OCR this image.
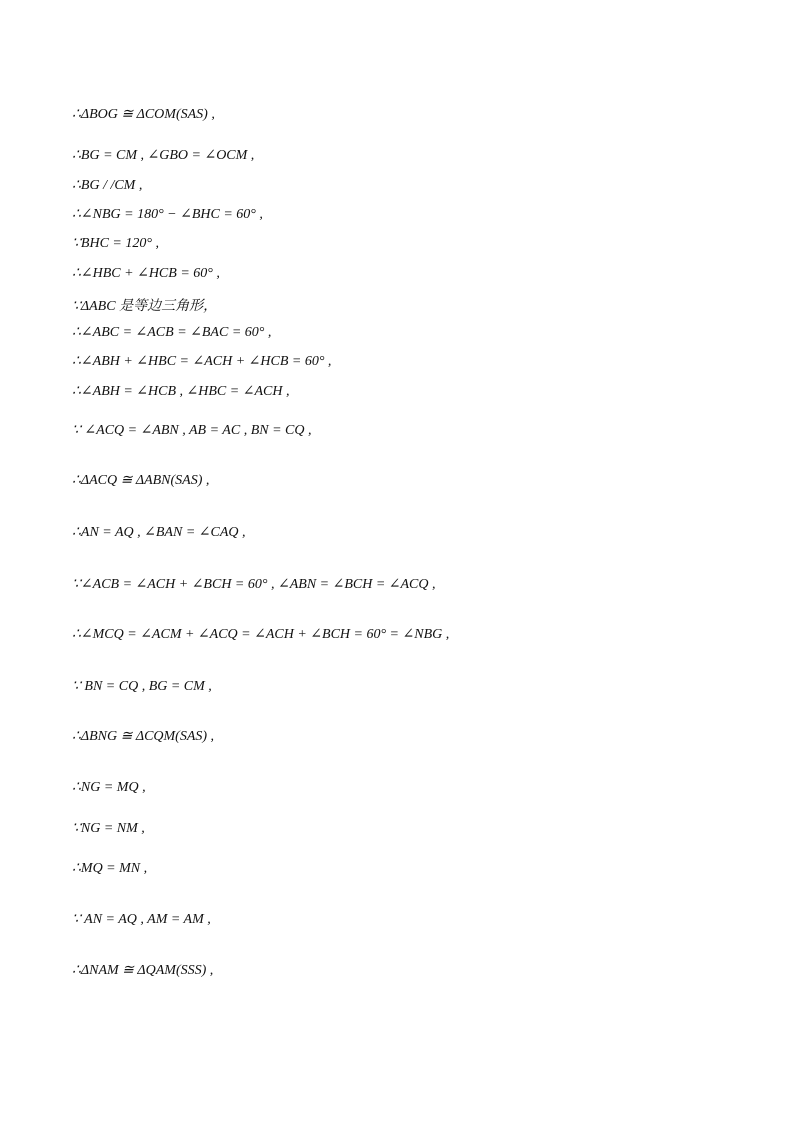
∴ΔBOG ≅ ΔCOM(SAS) ,
∴BG = CM , ∠GBO = ∠OCM ,
∴BG / /CM ,
∴∠NBG = 180° − ∠BHC = 60° ,
∵BHC = 120° ,
∴∠HBC + ∠HCB = 60° ,
∵ΔABC 是等边三角形，
∴∠ABC = ∠ACB = ∠BAC = 60° ,
∴∠ABH + ∠HBC = ∠ACH + ∠HCB = 60° ,
∴∠ABH = ∠HCB , ∠HBC = ∠ACH ,
∵ ∠ACQ = ∠ABN , AB = AC , BN = CQ ,
∴ΔACQ ≅ ΔABN(SAS) ,
∴AN = AQ , ∠BAN = ∠CAQ ,
∵∠ACB = ∠ACH + ∠BCH = 60° , ∠ABN = ∠BCH = ∠ACQ ,
∴∠MCQ = ∠ACM + ∠ACQ = ∠ACH + ∠BCH = 60° = ∠NBG ,
∵ BN = CQ , BG = CM ,
∴ΔBNG ≅ ΔCQM(SAS) ,
∴NG = MQ ,
∵NG = NM ,
∴MQ = MN ,
∵ AN = AQ , AM = AM ,
∴ΔNAM ≅ ΔQAM(SSS) ,
